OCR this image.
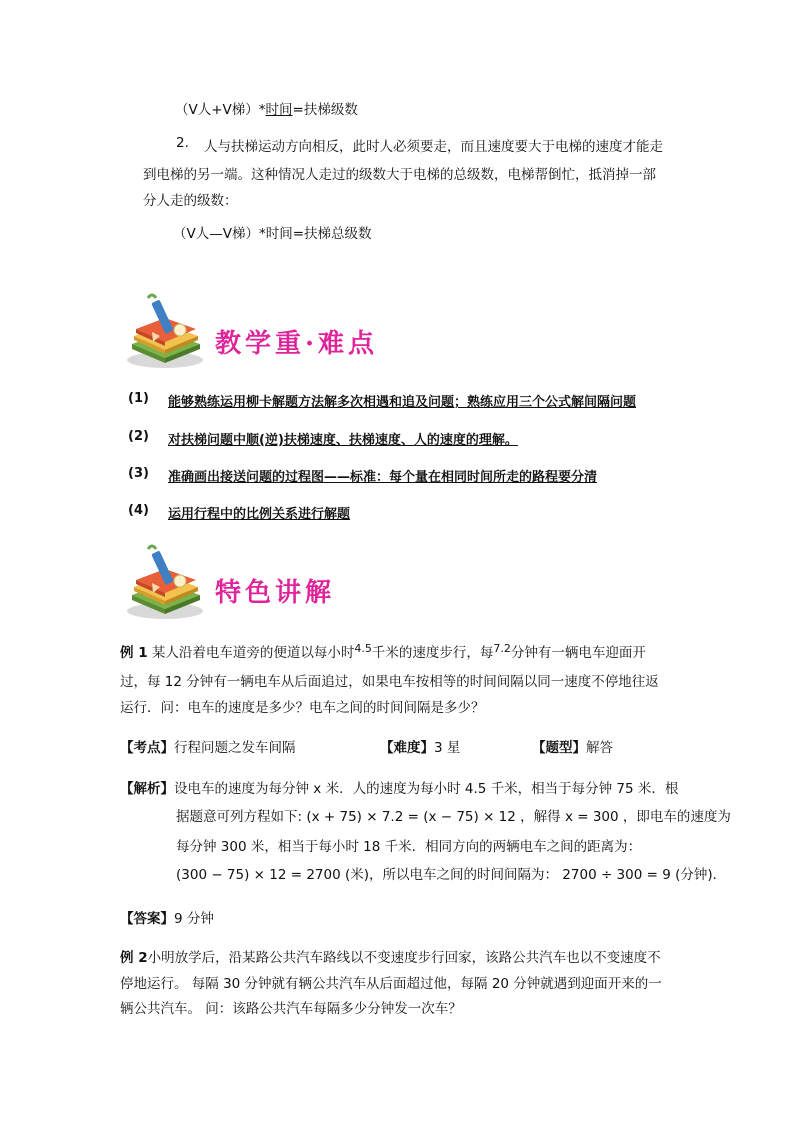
（V人+V梯）*时间=扶梯级数
2. 人与扶梯运动方向相反，此时人必须要走，而且速度要大于电梯的速度才能走
到电梯的另一端。这种情况人走过的级数大于电梯的总级数，电梯帮倒忙，抵消掉一部
分人走的级数：
（V人—V梯）*时间=扶梯总级数
教学重·难点
(1) 能够熟练运用柳卡解题方法解多次相遇和追及问题；熟练应用三个公式解间隔问题
(2) 对扶梯问题中顺(逆)扶梯速度、扶梯速度、人的速度的理解。
(3) 准确画出接送问题的过程图——标准：每个量在相同时间所走的路程要分清
(4) 运用行程中的比例关系进行解题
特色讲解
例 1 某人沿着电车道旁的便道以每小时$^{4.5}$千米的速度步行，每$^{7.2}$分钟有一辆电车迎面开
过，每 12 分钟有一辆电车从后面追过，如果电车按相等的时间间隔以同一速度不停地往返
运行．问：电车的速度是多少？电车之间的时间间隔是多少？
【考点】行程问题之发车间隔	【难度】3 星	【题型】解答
【解析】设电车的速度为每分钟 x 米．人的速度为每小时 4.5 千米，相当于每分钟 75 米．根
据题意可列方程如下: (x + 75) × 7.2 = (x − 75) × 12 ，解得 x = 300 ，即电车的速度为
每分钟 300 米，相当于每小时 18 千米．相同方向的两辆电车之间的距离为：
(300 − 75) × 12 = 2700 (米)，所以电车之间的时间间隔为： 2700 ÷ 300 = 9 (分钟)．
【答案】9 分钟
例 2小明放学后，沿某路公共汽车路线以不变速度步行回家，该路公共汽车也以不变速度不
停地运行。 每隔 30 分钟就有辆公共汽车从后面超过他，每隔 20 分钟就遇到迎面开来的一
辆公共汽车。 问：该路公共汽车每隔多少分钟发一次车？
